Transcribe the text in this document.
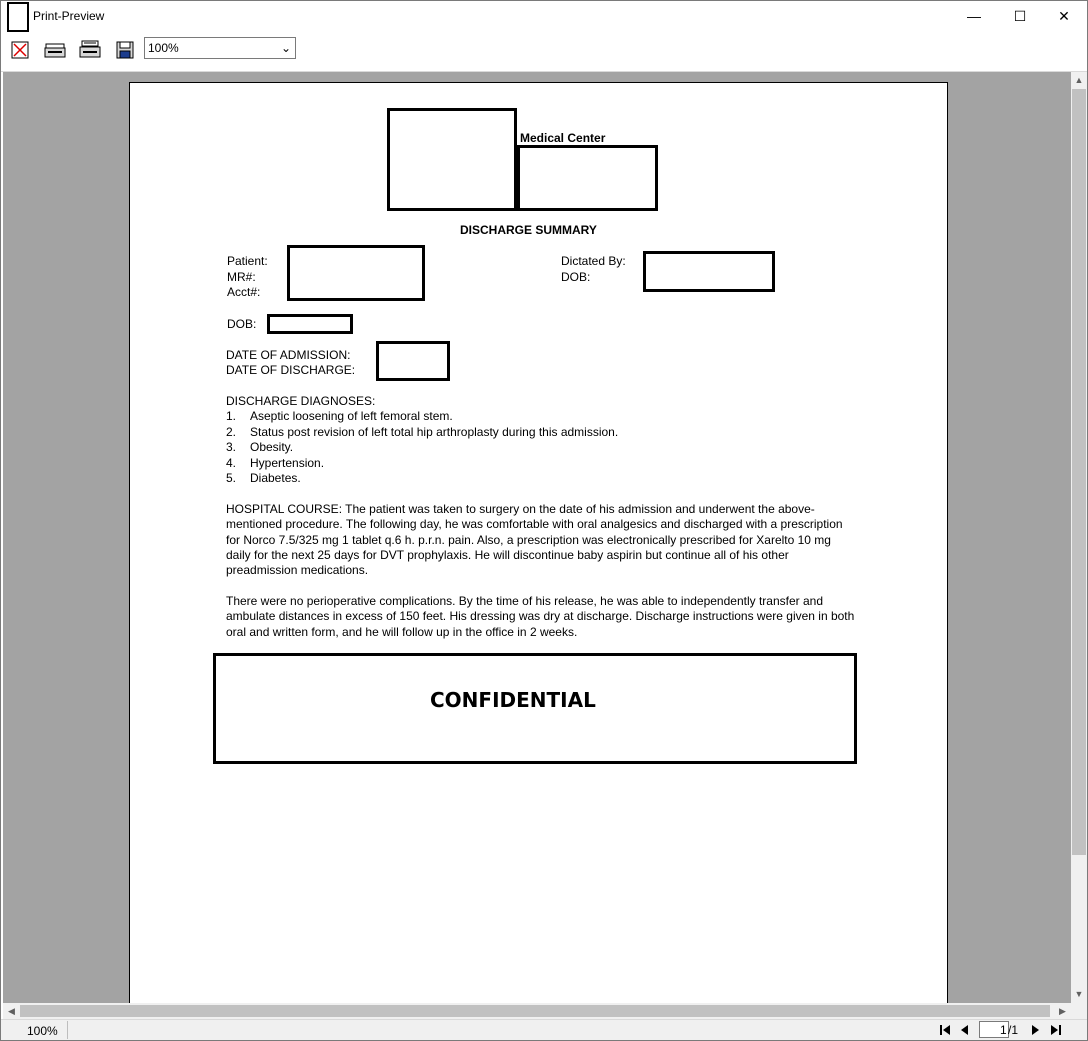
Print-Preview	—	☐	✕
100%	⌄
Medical Center
DISCHARGE SUMMARY
Patient:
MR#:
Acct#:
Dictated By:
DOB:
DOB:
DATE OF ADMISSION:
DATE OF DISCHARGE:
DISCHARGE DIAGNOSES:
1. Aseptic loosening of left femoral stem.
2. Status post revision of left total hip arthroplasty during this admission.
3. Obesity.
4. Hypertension.
5. Diabetes.
HOSPITAL COURSE: The patient was taken to surgery on the date of his admission and underwent the above-mentioned procedure. The following day, he was comfortable with oral analgesics and discharged with a prescription for Norco 7.5/325 mg 1 tablet q.6 h. p.r.n. pain. Also, a prescription was electronically prescribed for Xarelto 10 mg daily for the next 25 days for DVT prophylaxis. He will discontinue baby aspirin but continue all of his other preadmission medications.
There were no perioperative complications. By the time of his release, he was able to independently transfer and ambulate distances in excess of 150 feet. His dressing was dry at discharge. Discharge instructions were given in both oral and written form, and he will follow up in the office in 2 weeks.
CONFIDENTIAL
▲
▼
◀	▶
100%	1 /1
